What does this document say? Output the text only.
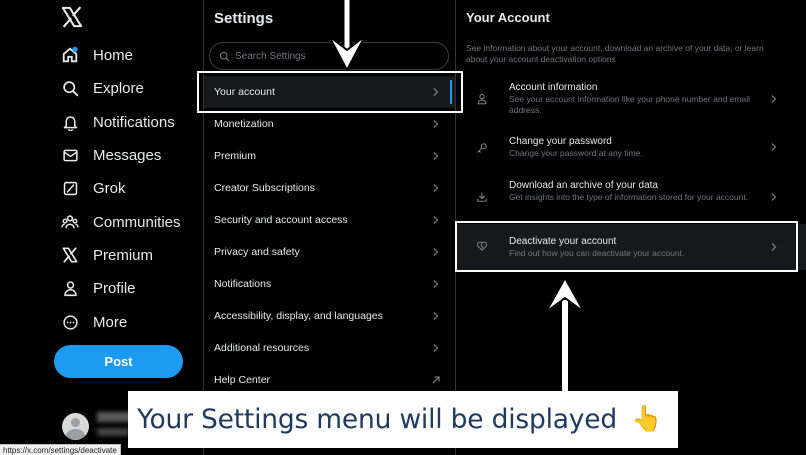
Home
Explore
Notifications
Messages
Grok
Communities
Premium
Profile
More
Post
https://x.com/settings/deactivate
Settings
Search Settings
Your account
Monetization
Premium
Creator Subscriptions
Security and account access
Privacy and safety
Notifications
Accessibility, display, and languages
Additional resources
Help Center
Your Account
See information about your account, download an archive of your data, or learn about your account deactivation options
Account information
See your account information like your phone number and email address.
Change your password
Change your password at any time.
Download an archive of your data
Get insights into the type of information stored for your account.
Deactivate your account
Find out how you can deactivate your account.
Your Settings menu will be displayed 👆
